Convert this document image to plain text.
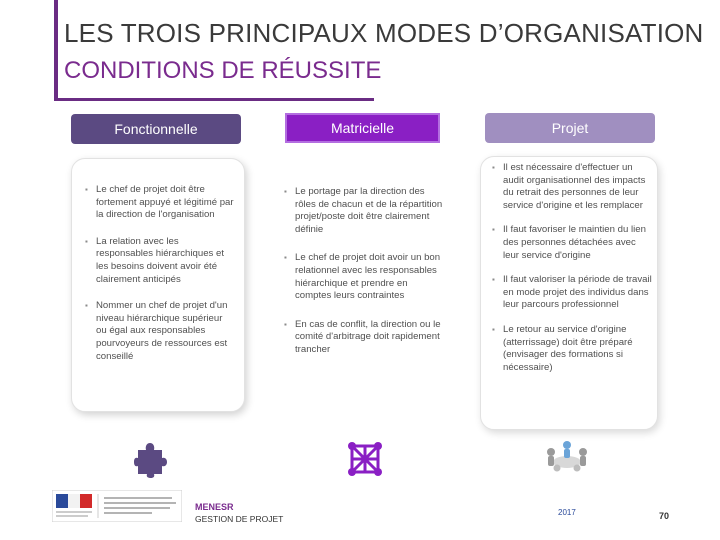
LES TROIS PRINCIPAUX MODES D’ORGANISATION
CONDITIONS DE RÉUSSITE
Fonctionnelle	Matricielle	Projet
▪ Le chef de projet doit être fortement appuyé et légitimé par la direction de l'organisation
▪ La relation avec les responsables hiérarchiques et les besoins doivent avoir été clairement anticipés
▪ Nommer un chef de projet d'un niveau hiérarchique supérieur ou égal aux responsables pourvoyeurs de ressources est conseillé
▪ Le portage par la direction des rôles de chacun et de la répartition projet/poste doit être clairement définie
▪ Le chef de projet doit avoir un bon relationnel avec les responsables hiérarchique et prendre en comptes leurs contraintes
▪ En cas de conflit, la direction ou le comité d'arbitrage doit rapidement trancher
▪ Il est nécessaire d'effectuer un audit organisationnel des impacts du retrait des personnes de leur service d'origine et les remplacer
▪ Il faut favoriser le maintien du lien des personnes détachées avec leur service d'origine
▪ Il faut valoriser la période de travail en mode projet des individus dans leur parcours professionnel
▪ Le retour au service d'origine (atterrissage) doit être préparé (envisager des formations si nécessaire)
MENESR
GESTION DE PROJET
2017	70
